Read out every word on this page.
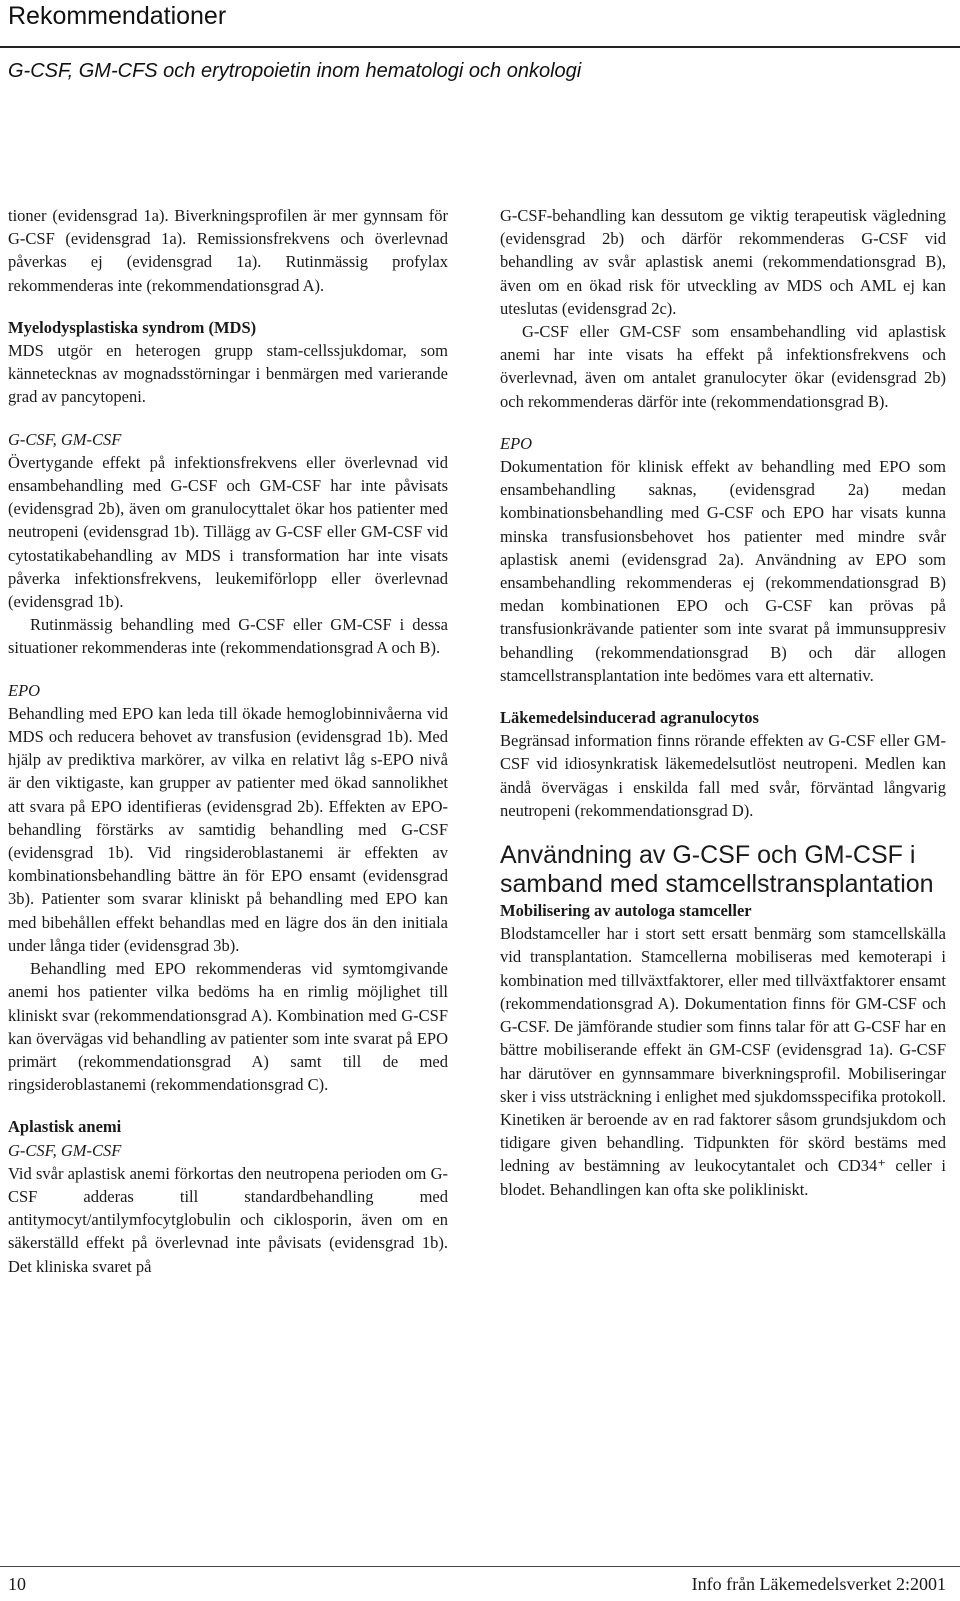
Rekommendationer
G-CSF, GM-CFS och erytropoietin inom hematologi och onkologi

tioner (evidensgrad 1a). Biverkningsprofilen är mer gynnsam för G-CSF (evidensgrad 1a). Remissionsfrekvens och överlevnad påverkas ej (evidensgrad 1a). Rutinmässig profylax rekommenderas inte (rekommendationsgrad A).

Myelodysplastiska syndrom (MDS)

MDS utgör en heterogen grupp stam-cellssjukdomar, som kännetecknas av mognadsstörningar i benmärgen med varierande grad av pancytopeni.

G-CSF, GM-CSF

Övertygande effekt på infektionsfrekvens eller överlevnad vid ensambehandling med G-CSF och GM-CSF har inte påvisats (evidensgrad 2b), även om granulocyttalet ökar hos patienter med neutropeni (evidensgrad 1b). Tillägg av G-CSF eller GM-CSF vid cytostatikabehandling av MDS i transformation har inte visats påverka infektionsfrekvens, leukemiförlopp eller överlevnad (evidensgrad 1b).

Rutinmässig behandling med G-CSF eller GM-CSF i dessa situationer rekommenderas inte (rekommendationsgrad A och B).

EPO

Behandling med EPO kan leda till ökade hemoglobinnivåerna vid MDS och reducera behovet av transfusion (evidensgrad 1b). Med hjälp av prediktiva markörer, av vilka en relativt låg s-EPO nivå är den viktigaste, kan grupper av patienter med ökad sannolikhet att svara på EPO identifieras (evidensgrad 2b). Effekten av EPO-behandling förstärks av samtidig behandling med G-CSF (evidensgrad 1b). Vid ringsideroblastanemi är effekten av kombinationsbehandling bättre än för EPO ensamt (evidensgrad 3b). Patienter som svarar kliniskt på behandling med EPO kan med bibehållen effekt behandlas med en lägre dos än den initiala under långa tider (evidensgrad 3b).

Behandling med EPO rekommenderas vid symtomgivande anemi hos patienter vilka bedöms ha en rimlig möjlighet till kliniskt svar (rekommendationsgrad A). Kombination med G-CSF kan övervägas vid behandling av patienter som inte svarat på EPO primärt (rekommendationsgrad A) samt till de med ringsideroblastanemi (rekommendationsgrad C).

Aplastisk anemi

G-CSF, GM-CSF

Vid svår aplastisk anemi förkortas den neutropena perioden om G-CSF adderas till standardbehandling med antitymocyt/antilymfocytglobulin och ciklosporin, även om en säkerställd effekt på överlevnad inte påvisats (evidensgrad 1b). Det kliniska svaret på

G-CSF-behandling kan dessutom ge viktig terapeutisk vägledning (evidensgrad 2b) och därför rekommenderas G-CSF vid behandling av svår aplastisk anemi (rekommendationsgrad B), även om en ökad risk för utveckling av MDS och AML ej kan uteslutas (evidensgrad 2c).

G-CSF eller GM-CSF som ensambehandling vid aplastisk anemi har inte visats ha effekt på infektionsfrekvens och överlevnad, även om antalet granulocyter ökar (evidensgrad 2b) och rekommenderas därför inte (rekommendationsgrad B).

EPO

Dokumentation för klinisk effekt av behandling med EPO som ensambehandling saknas, (evidensgrad 2a) medan kombinationsbehandling med G-CSF och EPO har visats kunna minska transfusionsbehovet hos patienter med mindre svår aplastisk anemi (evidensgrad 2a). Användning av EPO som ensambehandling rekommenderas ej (rekommendationsgrad B) medan kombinationen EPO och G-CSF kan prövas på transfusionkrävande patienter som inte svarat på immunsuppresiv behandling (rekommendationsgrad B) och där allogen stamcellstransplantation inte bedömes vara ett alternativ.

Läkemedelsinducerad agranulocytos

Begränsad information finns rörande effekten av G-CSF eller GM-CSF vid idiosynkratisk läkemedelsutlöst neutropeni. Medlen kan ändå övervägas i enskilda fall med svår, förväntad långvarig neutropeni (rekommendationsgrad D).

Användning av G-CSF och GM-CSF i samband med stamcellstransplantation

Mobilisering av autologa stamceller

Blodstamceller har i stort sett ersatt benmärg som stamcellskälla vid transplantation. Stamcellerna mobiliseras med kemoterapi i kombination med tillväxtfaktorer, eller med tillväxtfaktorer ensamt (rekommendationsgrad A). Dokumentation finns för GM-CSF och G-CSF. De jämförande studier som finns talar för att G-CSF har en bättre mobiliserande effekt än GM-CSF (evidensgrad 1a). G-CSF har därutöver en gynnsammare biverkningsprofil. Mobiliseringar sker i viss utsträckning i enlighet med sjukdomsspecifika protokoll. Kinetiken är beroende av en rad faktorer såsom grundsjukdom och tidigare given behandling. Tidpunkten för skörd bestäms med ledning av bestämning av leukocytantalet och CD34⁺ celler i blodet. Behandlingen kan ofta ske polikliniskt.

10	Info från Läkemedelsverket 2:2001
